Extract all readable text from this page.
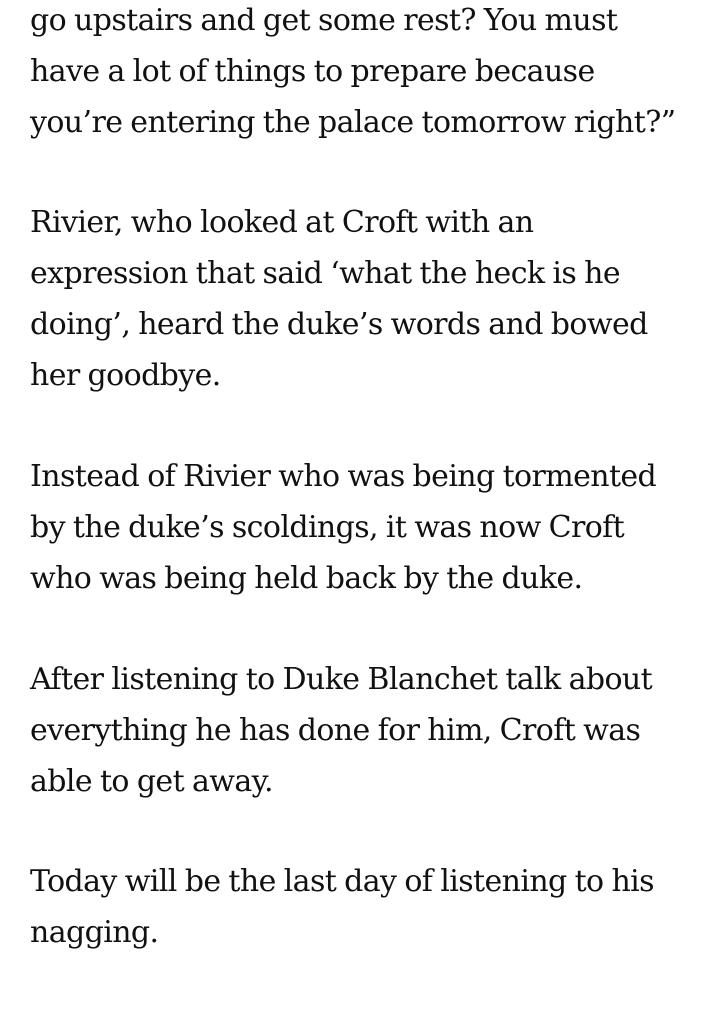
go upstairs and get some rest? You must
have a lot of things to prepare because
you’re entering the palace tomorrow right?”

Rivier, who looked at Croft with an
expression that said ‘what the heck is he
doing’, heard the duke’s words and bowed
her goodbye.

Instead of Rivier who was being tormented
by the duke’s scoldings, it was now Croft
who was being held back by the duke.

After listening to Duke Blanchet talk about
everything he has done for him, Croft was
able to get away.

Today will be the last day of listening to his
nagging.
